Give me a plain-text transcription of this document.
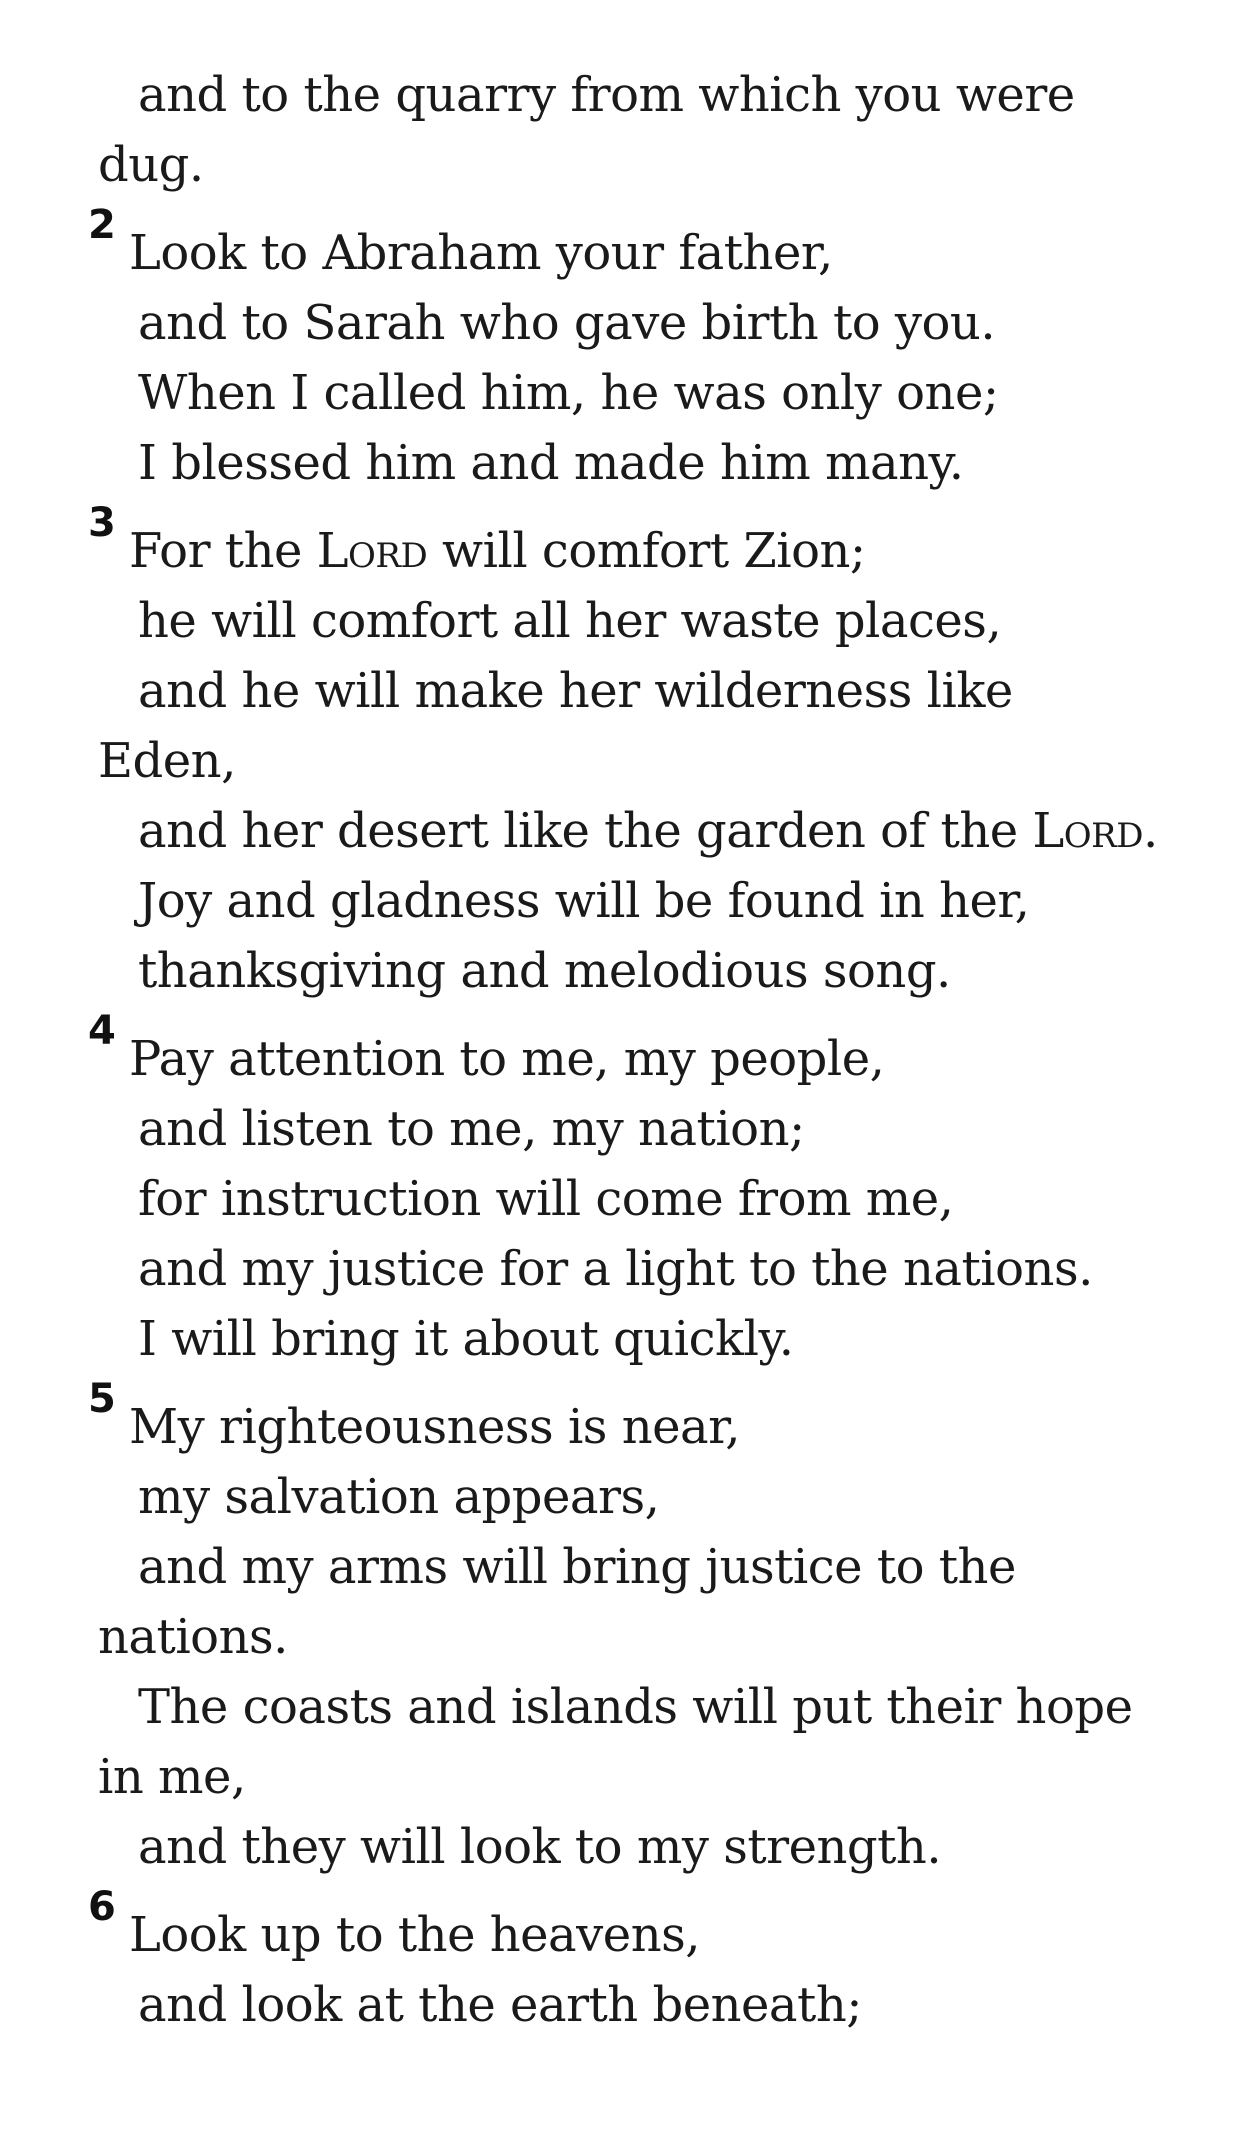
and to the quarry from which you were
dug.
2 Look to Abraham your father,
and to Sarah who gave birth to you.
When I called him, he was only one;
I blessed him and made him many.
3 For the Lord will comfort Zion;
he will comfort all her waste places,
and he will make her wilderness like
Eden,
and her desert like the garden of the Lord.
Joy and gladness will be found in her,
thanksgiving and melodious song.
4 Pay attention to me, my people,
and listen to me, my nation;
for instruction will come from me,
and my justice for a light to the nations.
I will bring it about quickly.
5 My righteousness is near,
my salvation appears,
and my arms will bring justice to the
nations.
The coasts and islands will put their hope
in me,
and they will look to my strength.
6 Look up to the heavens,
and look at the earth beneath;
